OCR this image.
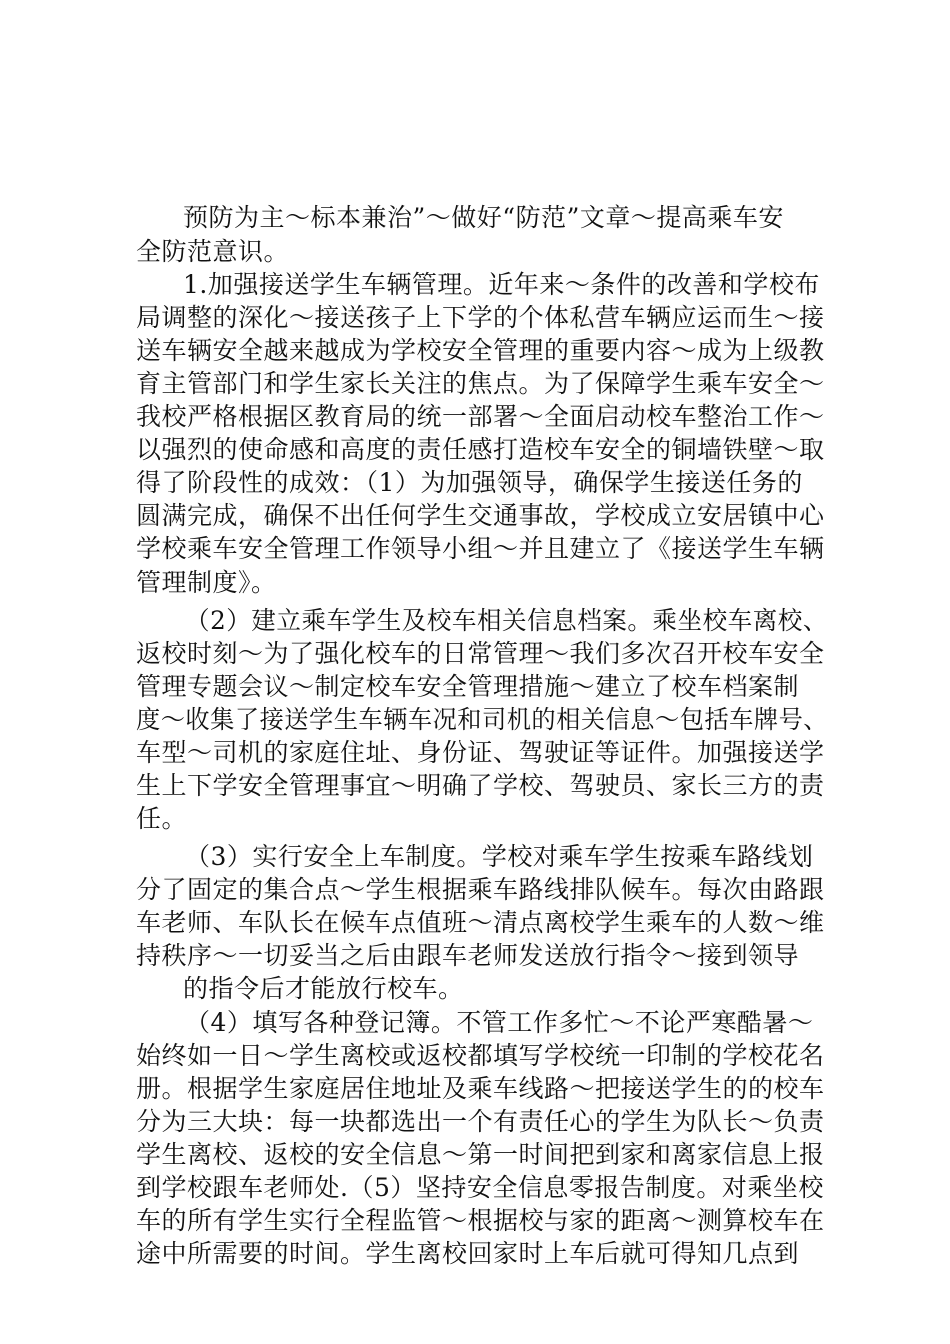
预防为主～标本兼治”～做好“防范”文章～提高乘车安
全防范意识。
1.加强接送学生车辆管理。近年来～条件的改善和学校布
局调整的深化～接送孩子上下学的个体私营车辆应运而生～接
送车辆安全越来越成为学校安全管理的重要内容～成为上级教
育主管部门和学生家长关注的焦点。为了保障学生乘车安全～
我校严格根据区教育局的统一部署～全面启动校车整治工作～
以强烈的使命感和高度的责任感打造校车安全的铜墙铁壁～取
得了阶段性的成效：（1）为加强领导，确保学生接送任务的
圆满完成，确保不出任何学生交通事故，学校成立安居镇中心
学校乘车安全管理工作领导小组～并且建立了《接送学生车辆
管理制度》。
（2）建立乘车学生及校车相关信息档案。乘坐校车离校、
返校时刻～为了强化校车的日常管理～我们多次召开校车安全
管理专题会议～制定校车安全管理措施～建立了校车档案制
度～收集了接送学生车辆车况和司机的相关信息～包括车牌号、
车型～司机的家庭住址、身份证、驾驶证等证件。加强接送学
生上下学安全管理事宜～明确了学校、驾驶员、家长三方的责
任。
（3）实行安全上车制度。学校对乘车学生按乘车路线划
分了固定的集合点～学生根据乘车路线排队候车。每次由路跟
车老师、车队长在候车点值班～清点离校学生乘车的人数～维
持秩序～一切妥当之后由跟车老师发送放行指令～接到领导
的指令后才能放行校车。
（4）填写各种登记簿。不管工作多忙～不论严寒酷暑～
始终如一日～学生离校或返校都填写学校统一印制的学校花名
册。根据学生家庭居住地址及乘车线路～把接送学生的的校车
分为三大块：每一块都选出一个有责任心的学生为队长～负责
学生离校、返校的安全信息～第一时间把到家和离家信息上报
到学校跟车老师处.（5）坚持安全信息零报告制度。对乘坐校
车的所有学生实行全程监管～根据校与家的距离～测算校车在
途中所需要的时间。学生离校回家时上车后就可得知几点到
